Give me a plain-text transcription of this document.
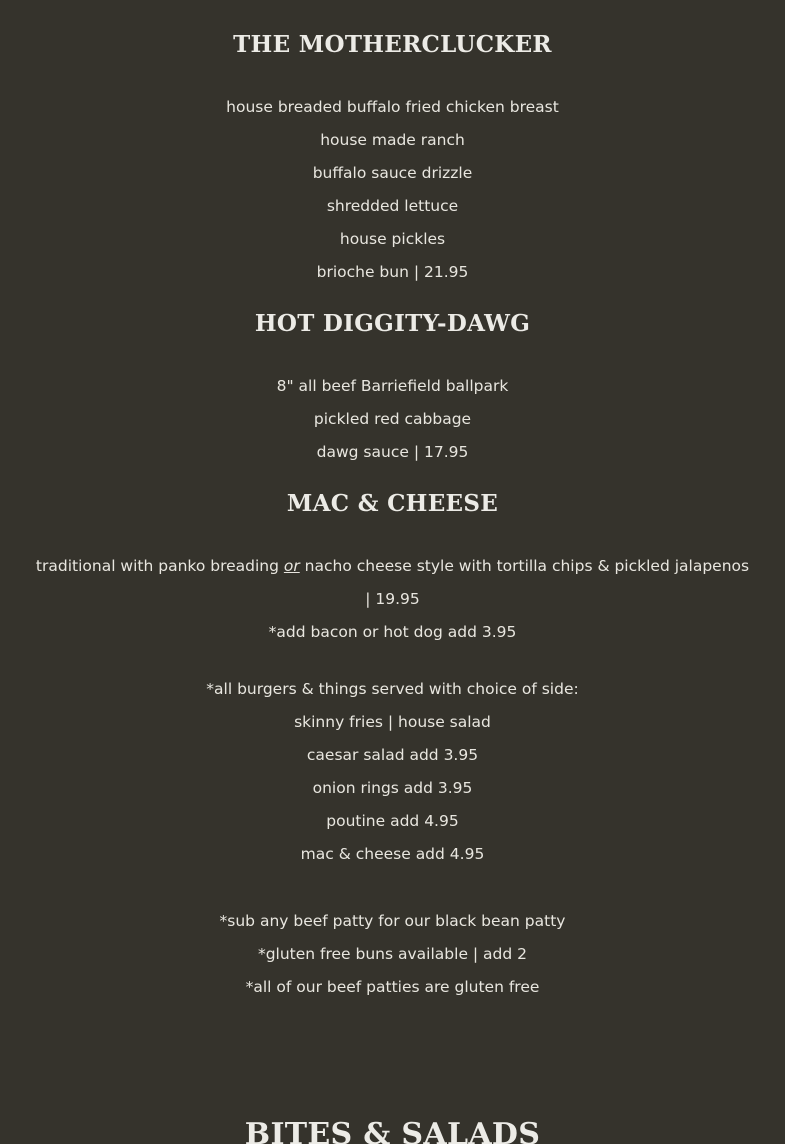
THE MOTHERCLUCKER

house breaded buffalo fried chicken breast

house made ranch

buffalo sauce drizzle

shredded lettuce

house pickles

brioche bun | 21.95

HOT DIGGITY-DAWG

8" all beef Barriefield ballpark

pickled red cabbage

dawg sauce | 17.95

MAC & CHEESE

traditional with panko breading or nacho cheese style with tortilla chips & pickled jalapenos | 19.95

*add bacon or hot dog add 3.95

*all burgers & things served with choice of side:

skinny fries | house salad

caesar salad add 3.95

onion rings add 3.95

poutine add 4.95

mac & cheese add 4.95

*sub any beef patty for our black bean patty

*gluten free buns available | add 2

*all of our beef patties are gluten free

BITES & SALADS
